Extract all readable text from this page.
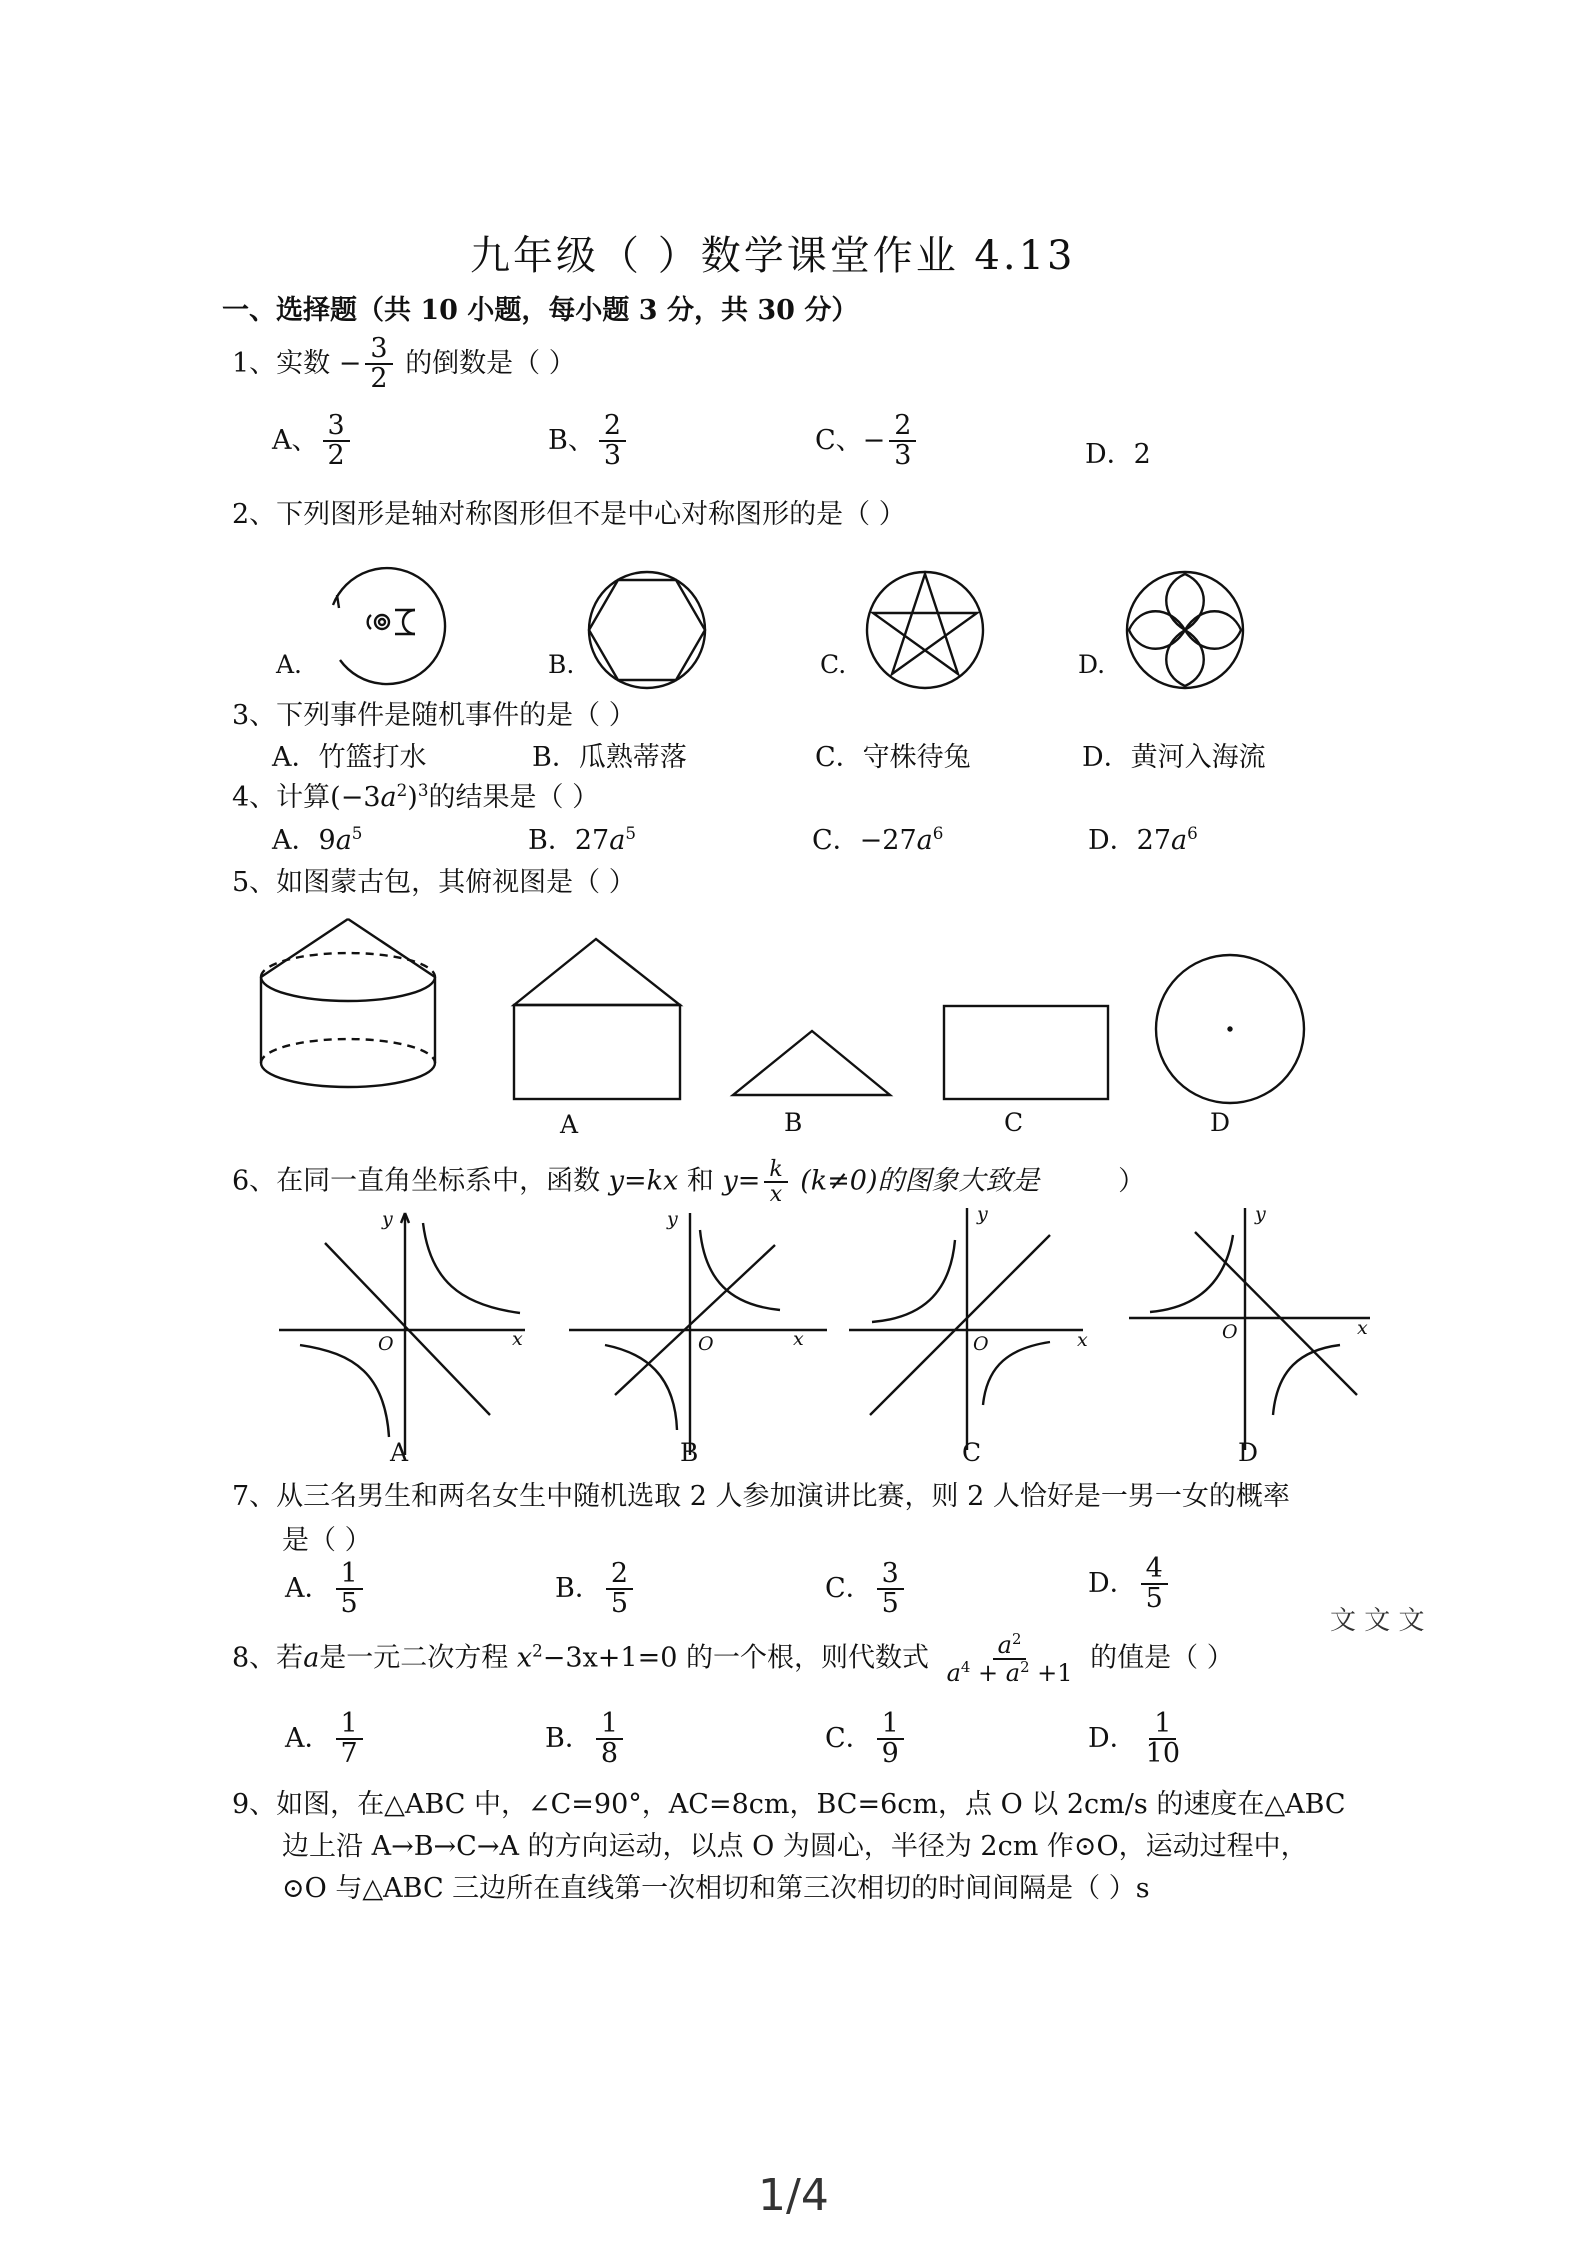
九年级（ ）数学课堂作业 4.13
一、选择题（共 10 小题，每小题 3 分，共 30 分）
1、实数 − $\frac{3}{2}$ 的倒数是（ ）
A、 $\frac{3}{2}$	B、 $\frac{2}{3}$	C、− $\frac{2}{3}$	D．2
2、下列图形是轴对称图形但不是中心对称图形的是（ ）
A.	B.	C.	D.
3、下列事件是随机事件的是（ ）
A．竹篮打水	B．瓜熟蒂落	C．守株待兔	D．黄河入海流
4、计算$(-3a^2)^3$的结果是（ ）
A．$9a^5$	B．$27a^5$	C．$-27a^6$	D．$27a^6$
5、如图蒙古包，其俯视图是（ ）
A	B	C	D
6、在同一直角坐标系中，函数 y=kx 和 $y= \frac{k}{x} (k\ne 0)$的图象大致是	）
y
x
O
y
x
O
y
x
O
y
x
O
A	B	C	D
7、从三名男生和两名女生中随机选取 2 人参加演讲比赛，则 2 人恰好是一男一女的概率
是（ ）
A． $\frac{1}{5}$	B． $\frac{2}{5}$	C． $\frac{3}{5}$	D． $\frac{4}{5}$
文 文 文
8、若a是一元二次方程 $x^2-3x+1=0$ 的一个根，则代数式 $\frac{a^2}{a^4 + a^2 +1}$ 的值是（ ）
A． $\frac{1}{7}$	B． $\frac{1}{8}$	C． $\frac{1}{9}$	D． $\frac{1}{10}$
9、如图，在△ABC 中，∠C=90°，AC=8cm，BC=6cm，点 O 以 2cm/s 的速度在△ABC
边上沿 A→B→C→A 的方向运动，以点 O 为圆心，半径为 2cm 作⊙O，运动过程中，
⊙O 与△ABC 三边所在直线第一次相切和第三次相切的时间间隔是（ ）s
1/4
